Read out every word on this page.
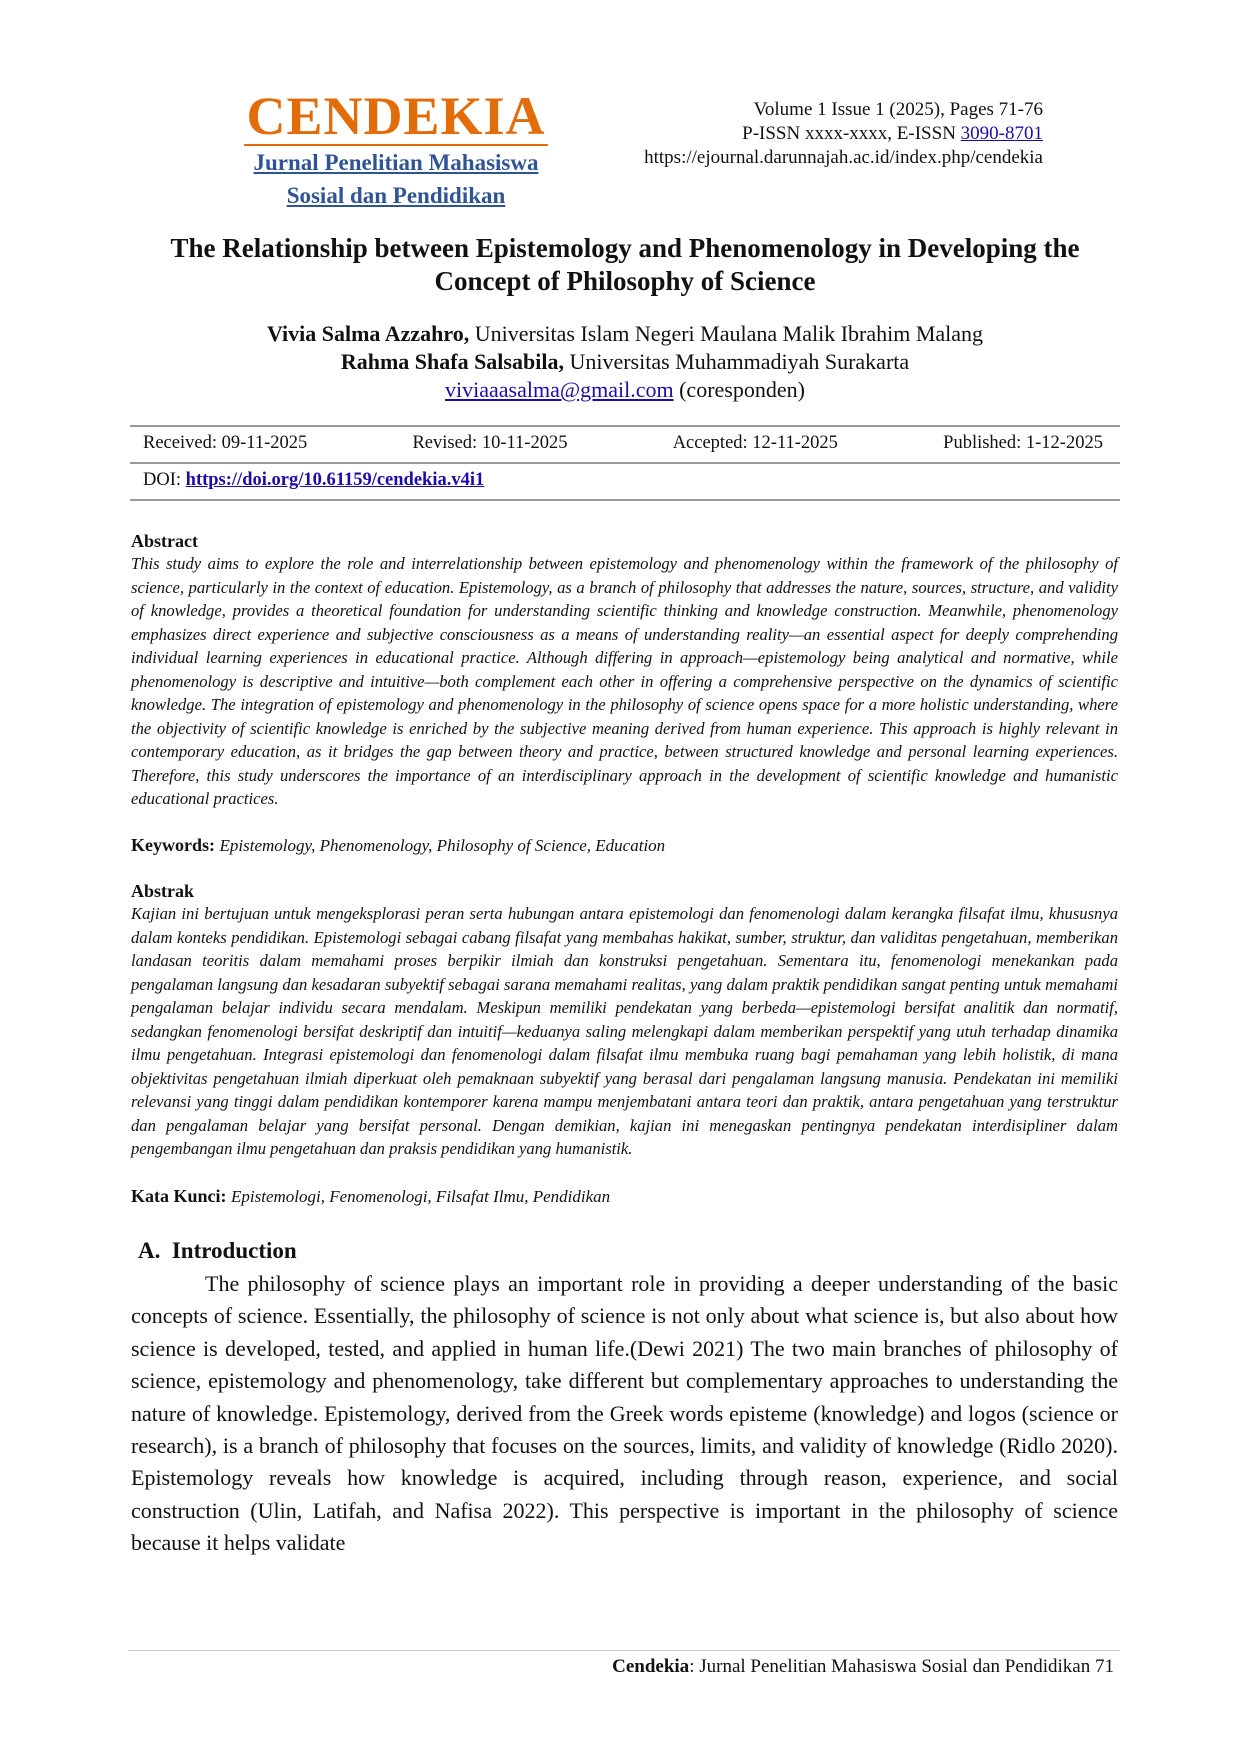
CENDEKIA
Jurnal Penelitian Mahasiswa
Sosial dan Pendidikan
Volume 1 Issue 1 (2025), Pages 71-76
P-ISSN xxxx-xxxx, E-ISSN 3090-8701
https://ejournal.darunnajah.ac.id/index.php/cendekia
The Relationship between Epistemology and Phenomenology in Developing the Concept of Philosophy of Science
Vivia Salma Azzahro, Universitas Islam Negeri Maulana Malik Ibrahim Malang
Rahma Shafa Salsabila, Universitas Muhammadiyah Surakarta
viviaaasalma@gmail.com (coresponden)
Received: 09-11-2025	Revised: 10-11-2025	Accepted: 12-11-2025	Published: 1-12-2025
DOI: https://doi.org/10.61159/cendekia.v4i1
Abstract
This study aims to explore the role and interrelationship between epistemology and phenomenology within the framework of the philosophy of science, particularly in the context of education. Epistemology, as a branch of philosophy that addresses the nature, sources, structure, and validity of knowledge, provides a theoretical foundation for understanding scientific thinking and knowledge construction. Meanwhile, phenomenology emphasizes direct experience and subjective consciousness as a means of understanding reality—an essential aspect for deeply comprehending individual learning experiences in educational practice. Although differing in approach—epistemology being analytical and normative, while phenomenology is descriptive and intuitive—both complement each other in offering a comprehensive perspective on the dynamics of scientific knowledge. The integration of epistemology and phenomenology in the philosophy of science opens space for a more holistic understanding, where the objectivity of scientific knowledge is enriched by the subjective meaning derived from human experience. This approach is highly relevant in contemporary education, as it bridges the gap between theory and practice, between structured knowledge and personal learning experiences. Therefore, this study underscores the importance of an interdisciplinary approach in the development of scientific knowledge and humanistic educational practices.
Keywords: Epistemology, Phenomenology, Philosophy of Science, Education
Abstrak
Kajian ini bertujuan untuk mengeksplorasi peran serta hubungan antara epistemologi dan fenomenologi dalam kerangka filsafat ilmu, khususnya dalam konteks pendidikan. Epistemologi sebagai cabang filsafat yang membahas hakikat, sumber, struktur, dan validitas pengetahuan, memberikan landasan teoritis dalam memahami proses berpikir ilmiah dan konstruksi pengetahuan. Sementara itu, fenomenologi menekankan pada pengalaman langsung dan kesadaran subyektif sebagai sarana memahami realitas, yang dalam praktik pendidikan sangat penting untuk memahami pengalaman belajar individu secara mendalam. Meskipun memiliki pendekatan yang berbeda—epistemologi bersifat analitik dan normatif, sedangkan fenomenologi bersifat deskriptif dan intuitif—keduanya saling melengkapi dalam memberikan perspektif yang utuh terhadap dinamika ilmu pengetahuan. Integrasi epistemologi dan fenomenologi dalam filsafat ilmu membuka ruang bagi pemahaman yang lebih holistik, di mana objektivitas pengetahuan ilmiah diperkuat oleh pemaknaan subyektif yang berasal dari pengalaman langsung manusia. Pendekatan ini memiliki relevansi yang tinggi dalam pendidikan kontemporer karena mampu menjembatani antara teori dan praktik, antara pengetahuan yang terstruktur dan pengalaman belajar yang bersifat personal. Dengan demikian, kajian ini menegaskan pentingnya pendekatan interdisipliner dalam pengembangan ilmu pengetahuan dan praksis pendidikan yang humanistik.
Kata Kunci: Epistemologi, Fenomenologi, Filsafat Ilmu, Pendidikan
A.  Introduction
The philosophy of science plays an important role in providing a deeper understanding of the basic concepts of science. Essentially, the philosophy of science is not only about what science is, but also about how science is developed, tested, and applied in human life.(Dewi 2021) The two main branches of philosophy of science, epistemology and phenomenology, take different but complementary approaches to understanding the nature of knowledge. Epistemology, derived from the Greek words episteme (knowledge) and logos (science or research), is a branch of philosophy that focuses on the sources, limits, and validity of knowledge (Ridlo 2020). Epistemology reveals how knowledge is acquired, including through reason, experience, and social construction (Ulin, Latifah, and Nafisa 2022). This perspective is important in the philosophy of science because it helps validate
Cendekia: Jurnal Penelitian Mahasiswa Sosial dan Pendidikan 71
